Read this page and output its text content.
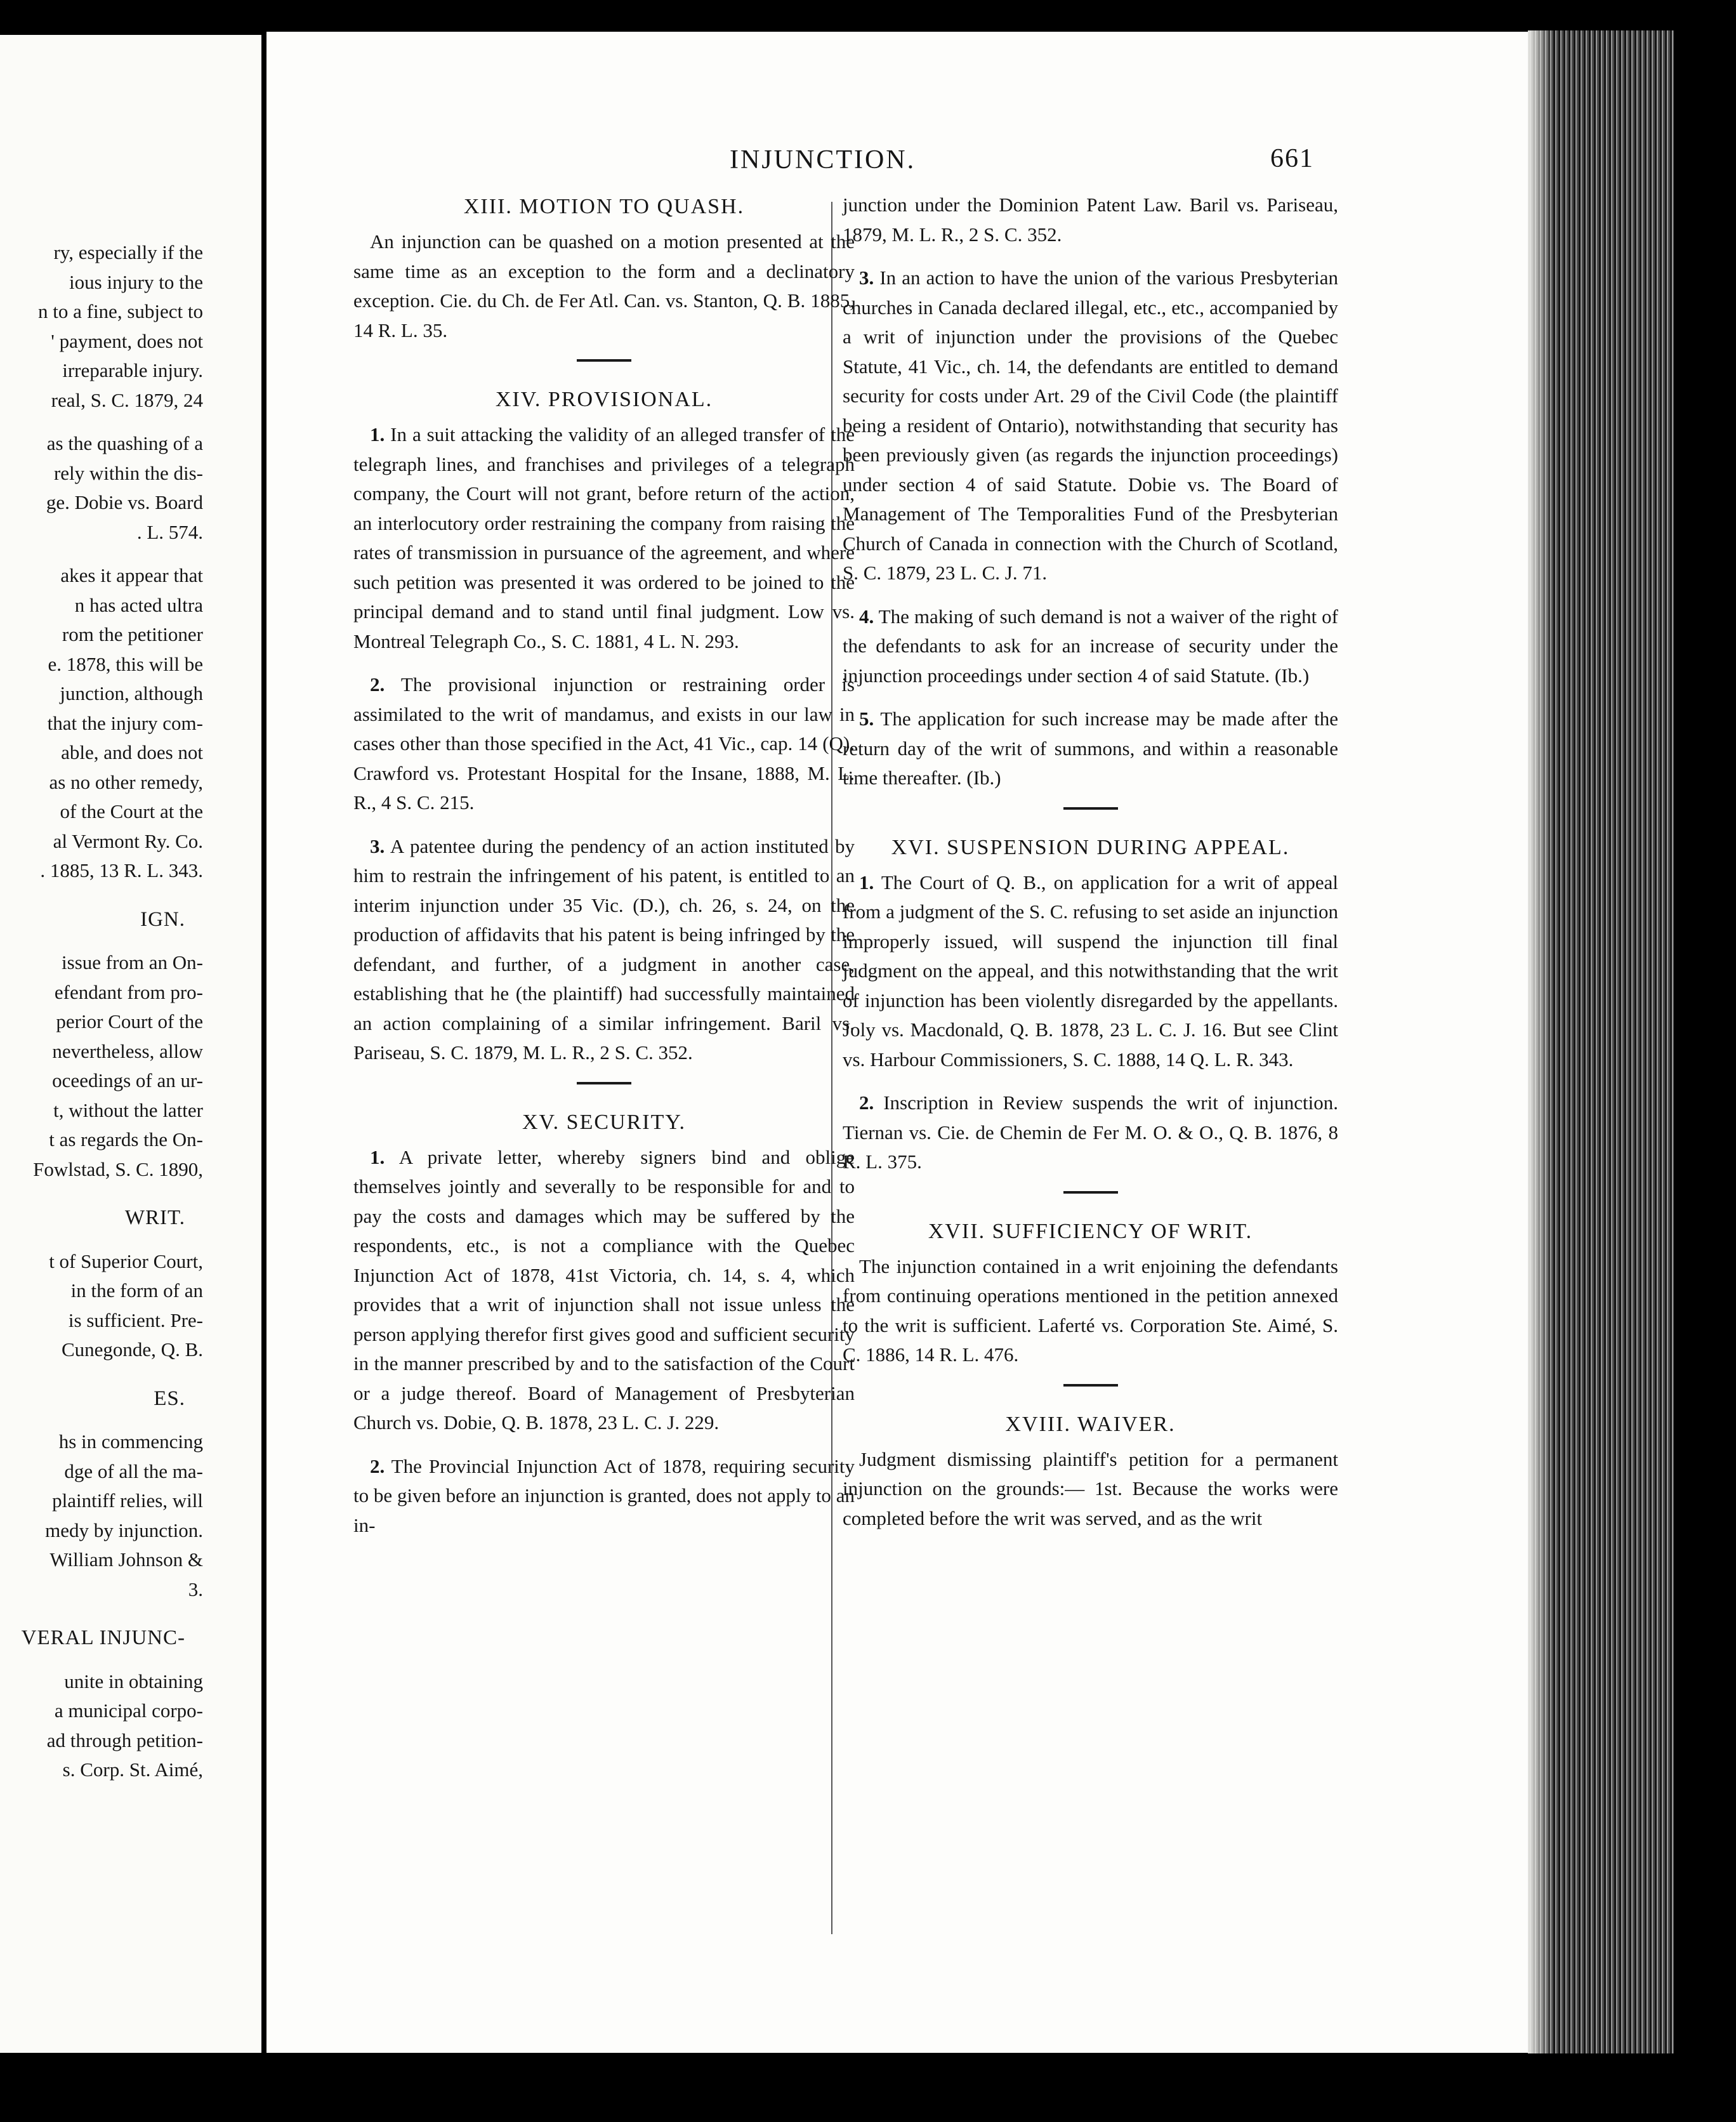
ry, especially if the
ious injury to the
n to a fine, subject to
' payment, does not
irreparable injury.
real, S. C. 1879, 24
as the quashing of a
rely within the dis-
ge. Dobie vs. Board
. L. 574.
akes it appear that
n has acted ultra
rom the petitioner
e. 1878, this will be
junction, although
that the injury com-
able, and does not
as no other remedy,
of the Court at the
al Vermont Ry. Co.
. 1885, 13 R. L. 343.
IGN.
issue from an On-
efendant from pro-
perior Court of the
nevertheless, allow
oceedings of an ur-
t, without the latter
t as regards the On-
Fowlstad, S. C. 1890,
WRIT.
t of Superior Court,
in the form of an
is sufficient. Pre-
Cunegonde, Q. B.
ES.
hs in commencing
dge of all the ma-
plaintiff relies, will
medy by injunction.
William Johnson &
3.
VERAL INJUNC-
unite in obtaining
a municipal corpo-
ad through petition-
s. Corp. St. Aimé,
INJUNCTION.	661
XIII. MOTION TO QUASH.

An injunction can be quashed on a motion presented at the same time as an exception to the form and a declinatory exception. Cie. du Ch. de Fer Atl. Can. vs. Stanton, Q. B. 1885, 14 R. L. 35.

XIV. PROVISIONAL.

1. In a suit attacking the validity of an alleged transfer of the telegraph lines, and franchises and privileges of a telegraph company, the Court will not grant, before return of the action, an interlocutory order restraining the company from raising the rates of transmission in pursuance of the agreement, and where such petition was presented it was ordered to be joined to the principal demand and to stand until final judgment. Low vs. Montreal Telegraph Co., S. C. 1881, 4 L. N. 293.

2. The provisional injunction or restraining order is assimilated to the writ of mandamus, and exists in our law in cases other than those specified in the Act, 41 Vic., cap. 14 (Q). Crawford vs. Protestant Hospital for the Insane, 1888, M. L. R., 4 S. C. 215.

3. A patentee during the pendency of an action instituted by him to restrain the infringement of his patent, is entitled to an interim injunction under 35 Vic. (D.), ch. 26, s. 24, on the production of affidavits that his patent is being infringed by the defendant, and further, of a judgment in another case, establishing that he (the plaintiff) had successfully maintained an action complaining of a similar infringement. Baril vs. Pariseau, S. C. 1879, M. L. R., 2 S. C. 352.

XV. SECURITY.

1. A private letter, whereby signers bind and oblige themselves jointly and severally to be responsible for and to pay the costs and damages which may be suffered by the respondents, etc., is not a compliance with the Quebec Injunction Act of 1878, 41st Victoria, ch. 14, s. 4, which provides that a writ of injunction shall not issue unless the person applying therefor first gives good and sufficient security in the manner prescribed by and to the satisfaction of the Court or a judge thereof. Board of Management of Presbyterian Church vs. Dobie, Q. B. 1878, 23 L. C. J. 229.

2. The Provincial Injunction Act of 1878, requiring security to be given before an injunction is granted, does not apply to an in-

junction under the Dominion Patent Law. Baril vs. Pariseau, 1879, M. L. R., 2 S. C. 352.

3. In an action to have the union of the various Presbyterian churches in Canada declared illegal, etc., etc., accompanied by a writ of injunction under the provisions of the Quebec Statute, 41 Vic., ch. 14, the defendants are entitled to demand security for costs under Art. 29 of the Civil Code (the plaintiff being a resident of Ontario), notwithstanding that security has been previously given (as regards the injunction proceedings) under section 4 of said Statute. Dobie vs. The Board of Management of The Temporalities Fund of the Presbyterian Church of Canada in connection with the Church of Scotland, S. C. 1879, 23 L. C. J. 71.

4. The making of such demand is not a waiver of the right of the defendants to ask for an increase of security under the injunction proceedings under section 4 of said Statute. (Ib.)

5. The application for such increase may be made after the return day of the writ of summons, and within a reasonable time thereafter. (Ib.)

XVI. SUSPENSION DURING APPEAL.

1. The Court of Q. B., on application for a writ of appeal from a judgment of the S. C. refusing to set aside an injunction improperly issued, will suspend the injunction till final judgment on the appeal, and this notwithstanding that the writ of injunction has been violently disregarded by the appellants. Joly vs. Macdonald, Q. B. 1878, 23 L. C. J. 16. But see Clint vs. Harbour Commissioners, S. C. 1888, 14 Q. L. R. 343.

2. Inscription in Review suspends the writ of injunction. Tiernan vs. Cie. de Chemin de Fer M. O. & O., Q. B. 1876, 8 R. L. 375.

XVII. SUFFICIENCY OF WRIT.

The injunction contained in a writ enjoining the defendants from continuing operations mentioned in the petition annexed to the writ is sufficient. Laferté vs. Corporation Ste. Aimé, S. C. 1886, 14 R. L. 476.

XVIII. WAIVER.

Judgment dismissing plaintiff's petition for a permanent injunction on the grounds:— 1st. Because the works were completed before the writ was served, and as the writ
